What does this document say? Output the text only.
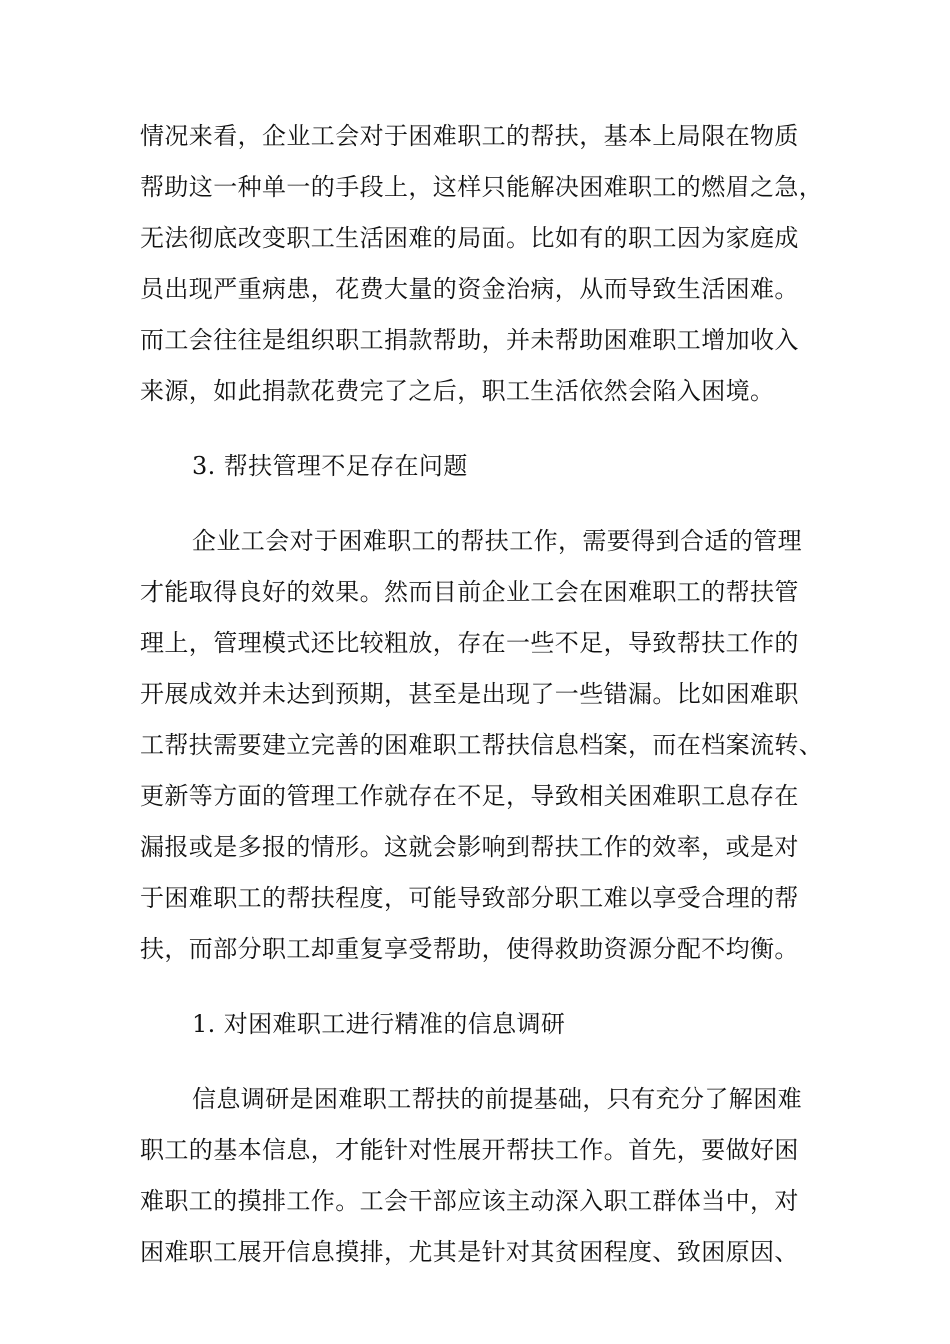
情况来看，企业工会对于困难职工的帮扶，基本上局限在物质
帮助这一种单一的手段上，这样只能解决困难职工的燃眉之急，
无法彻底改变职工生活困难的局面。比如有的职工因为家庭成
员出现严重病患，花费大量的资金治病，从而导致生活困难。
而工会往往是组织职工捐款帮助，并未帮助困难职工增加收入
来源，如此捐款花费完了之后，职工生活依然会陷入困境。
3. 帮扶管理不足存在问题
企业工会对于困难职工的帮扶工作，需要得到合适的管理
才能取得良好的效果。然而目前企业工会在困难职工的帮扶管
理上，管理模式还比较粗放，存在一些不足，导致帮扶工作的
开展成效并未达到预期，甚至是出现了一些错漏。比如困难职
工帮扶需要建立完善的困难职工帮扶信息档案，而在档案流转、
更新等方面的管理工作就存在不足，导致相关困难职工息存在
漏报或是多报的情形。这就会影响到帮扶工作的效率，或是对
于困难职工的帮扶程度，可能导致部分职工难以享受合理的帮
扶，而部分职工却重复享受帮助，使得救助资源分配不均衡。
1. 对困难职工进行精准的信息调研
信息调研是困难职工帮扶的前提基础，只有充分了解困难
职工的基本信息，才能针对性展开帮扶工作。首先，要做好困
难职工的摸排工作。工会干部应该主动深入职工群体当中，对
困难职工展开信息摸排，尤其是针对其贫困程度、致困原因、
